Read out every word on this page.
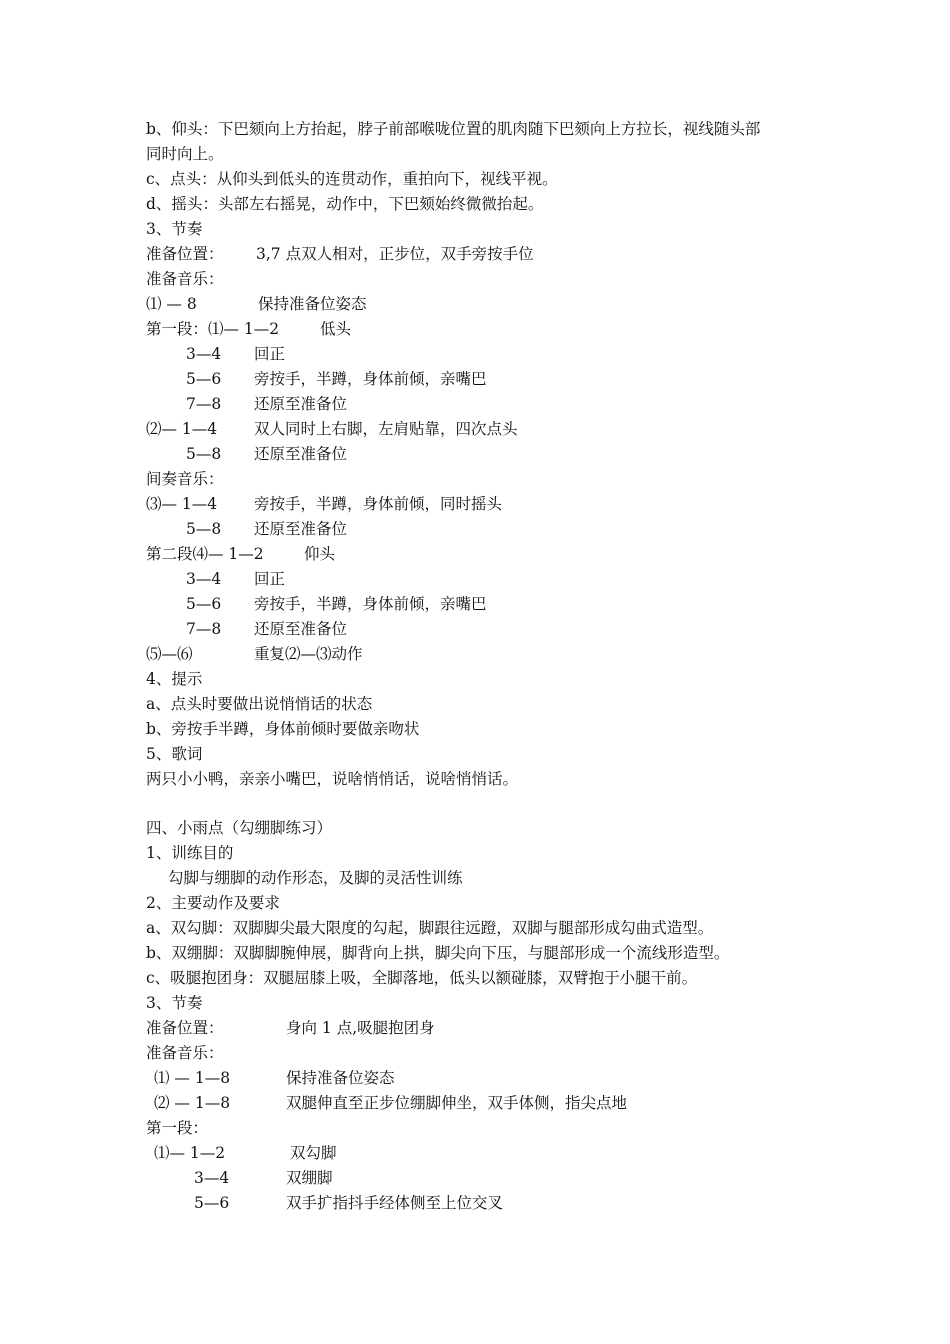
b、仰头：下巴颏向上方抬起，脖子前部喉咙位置的肌肉随下巴颏向上方拉长，视线随头部
同时向上。
c、点头：从仰头到低头的连贯动作，重拍向下，视线平视。
d、摇头：头部左右摇晃，动作中，下巴颏始终微微抬起。
3、节奏
准备位置： 3,7 点双人相对，正步位，双手旁按手位
准备音乐：
⑴ — 8	保持准备位姿态
第一段：⑴— 1—2	低头
3—4 回正
5—6 旁按手，半蹲，身体前倾，亲嘴巴
7—8 还原至准备位
⑵— 1—4 双人同时上右脚，左肩贴靠，四次点头
5—8 还原至准备位
间奏音乐：
⑶— 1—4 旁按手，半蹲，身体前倾，同时摇头
5—8 还原至准备位
第二段⑷— 1—2	仰头
3—4 回正
5—6 旁按手，半蹲，身体前倾，亲嘴巴
7—8 还原至准备位
⑸—⑹	重复⑵—⑶动作
4、提示
a、点头时要做出说悄悄话的状态
b、旁按手半蹲，身体前倾时要做亲吻状
5、歌词
两只小小鸭，亲亲小嘴巴，说啥悄悄话，说啥悄悄话。
四、小雨点（勾绷脚练习）
1、训练目的
勾脚与绷脚的动作形态，及脚的灵活性训练
2、主要动作及要求
a、双勾脚：双脚脚尖最大限度的勾起，脚跟往远蹬，双脚与腿部形成勾曲式造型。
b、双绷脚：双脚脚腕伸展，脚背向上拱，脚尖向下压，与腿部形成一个流线形造型。
c、吸腿抱团身：双腿屈膝上吸，全脚落地，低头以额碰膝，双臂抱于小腿干前。
3、节奏
准备位置：	身向 1 点,吸腿抱团身
准备音乐：
⑴ — 1—8	保持准备位姿态
⑵ — 1—8	双腿伸直至正步位绷脚伸坐，双手体侧，指尖点地
第一段：
⑴— 1—2	双勾脚
3—4	双绷脚
5—6	双手扩指抖手经体侧至上位交叉
